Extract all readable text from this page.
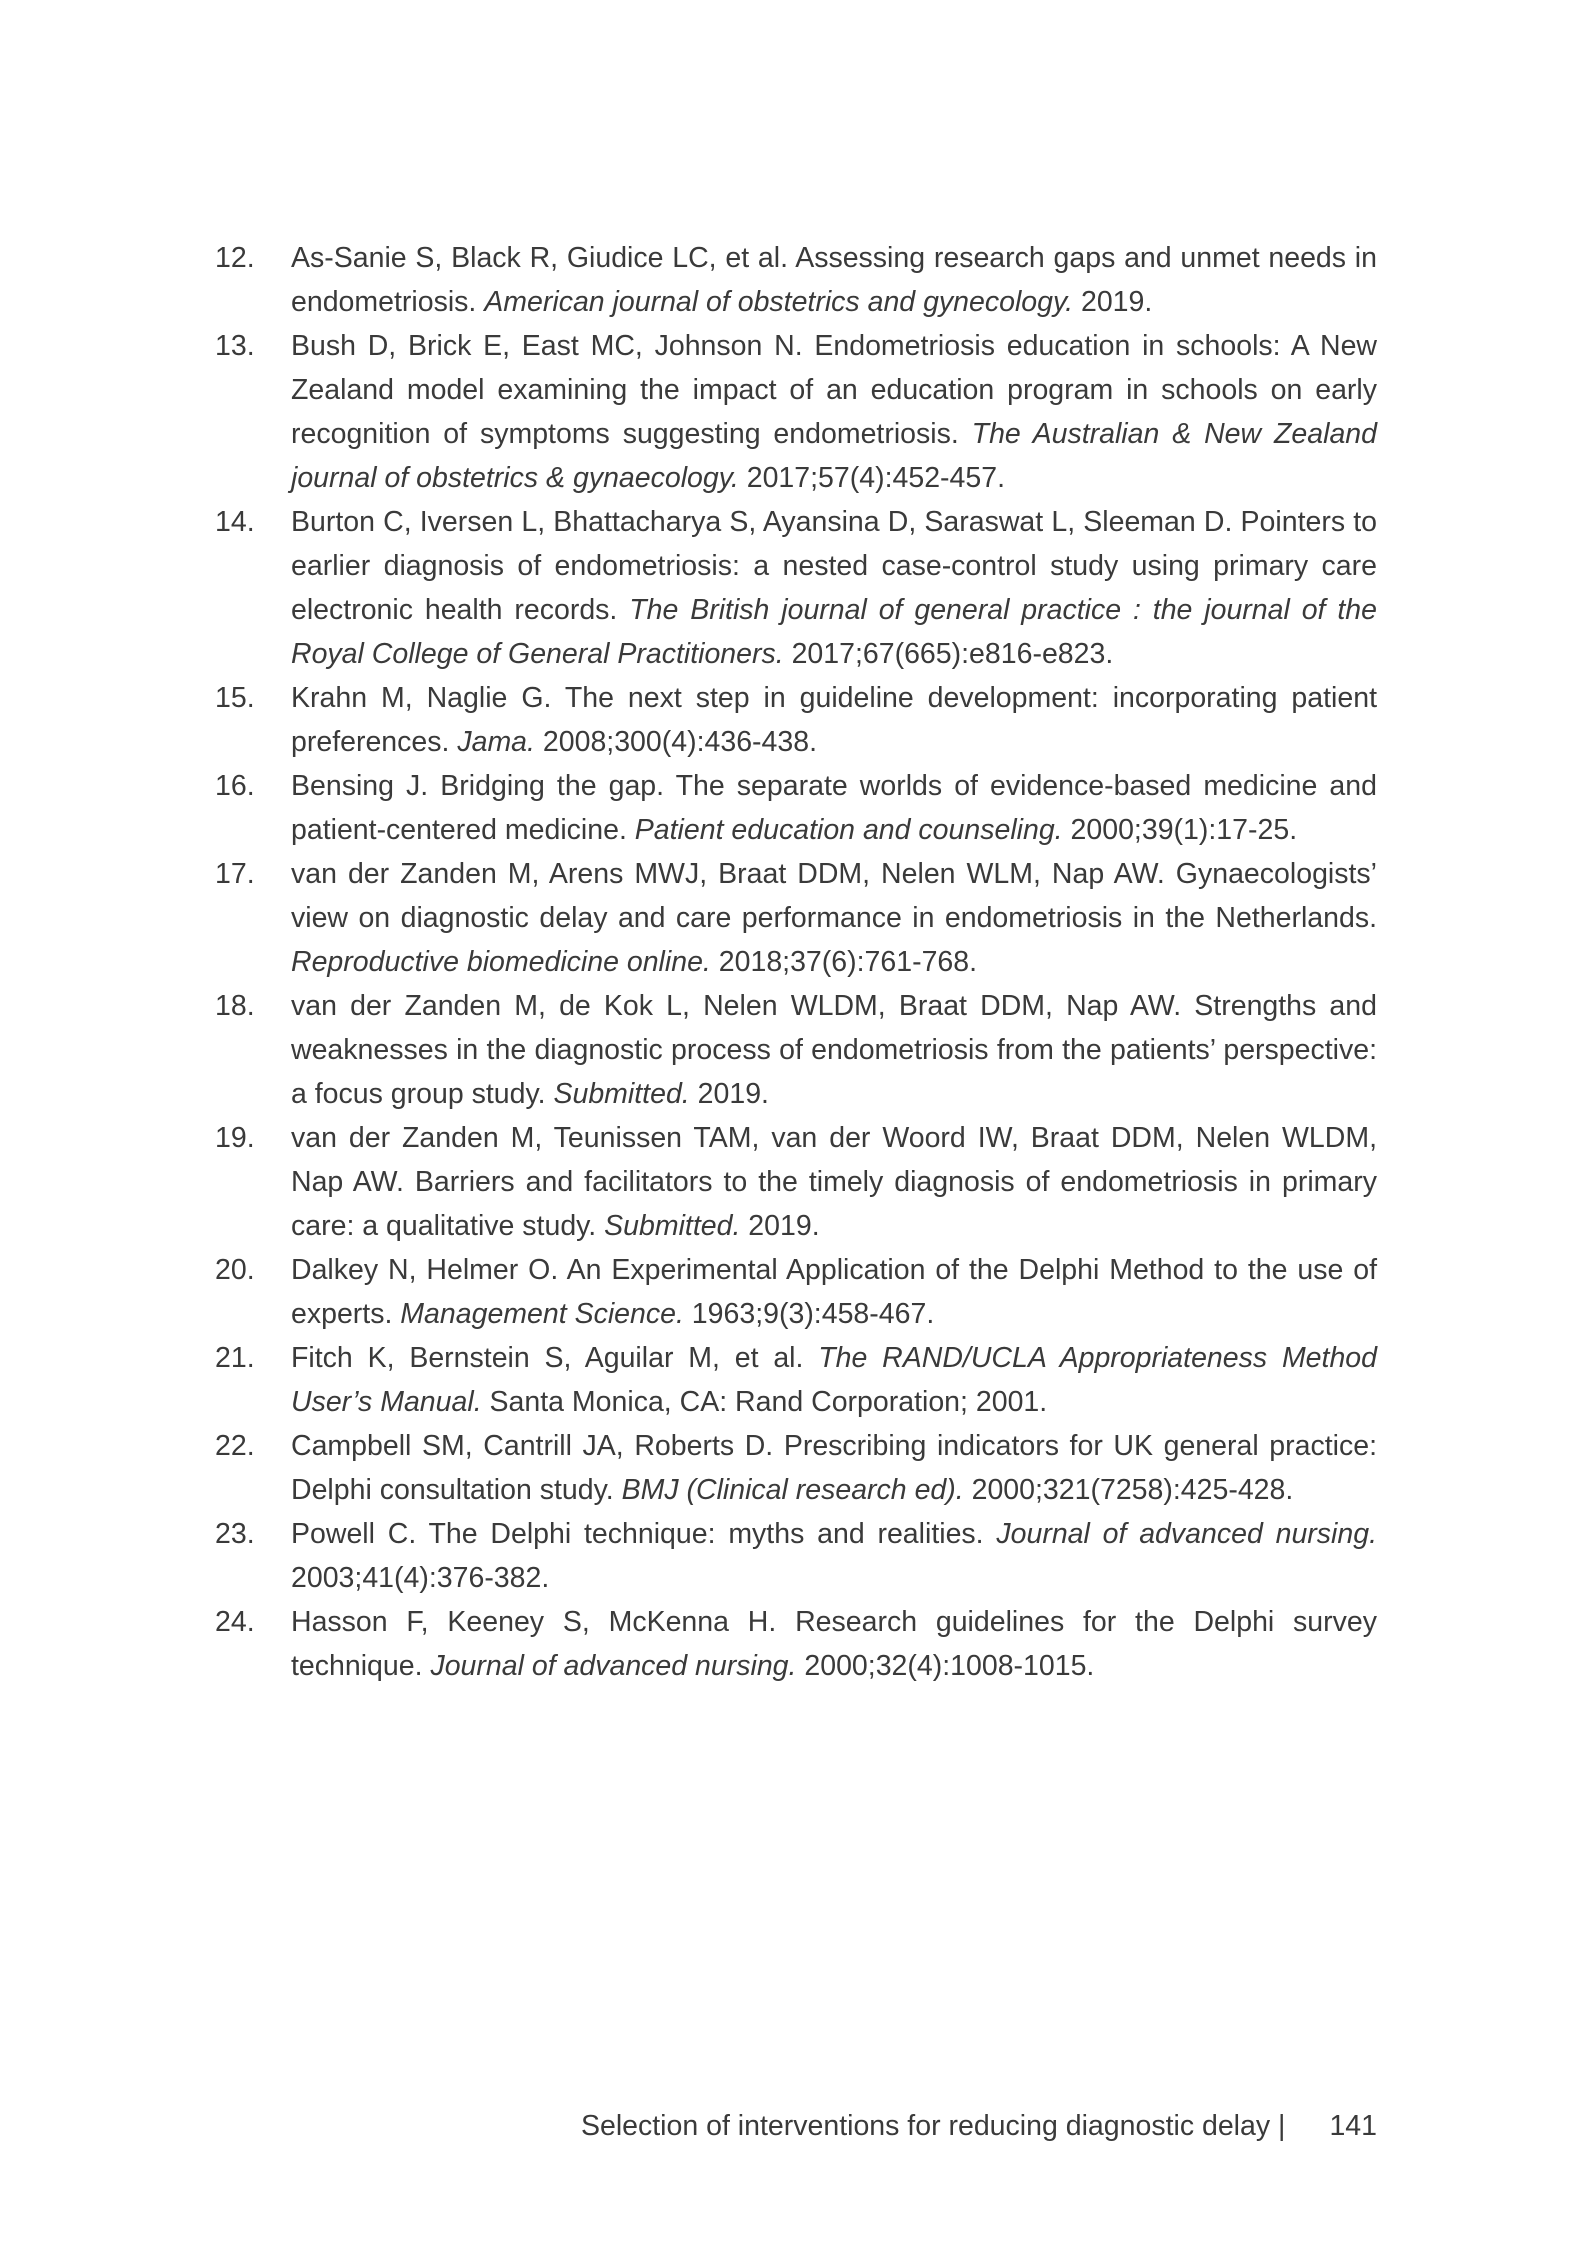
12.	As-Sanie S, Black R, Giudice LC, et al. Assessing research gaps and unmet needs in endometriosis. American journal of obstetrics and gynecology. 2019.
13.	Bush D, Brick E, East MC, Johnson N. Endometriosis education in schools: A New Zealand model examining the impact of an education program in schools on early recognition of symptoms suggesting endometriosis. The Australian & New Zealand journal of obstetrics & gynaecology. 2017;57(4):452-457.
14.	Burton C, Iversen L, Bhattacharya S, Ayansina D, Saraswat L, Sleeman D. Pointers to earlier diagnosis of endometriosis: a nested case-control study using primary care electronic health records. The British journal of general practice : the journal of the Royal College of General Practitioners. 2017;67(665):e816-e823.
15.	Krahn M, Naglie G. The next step in guideline development: incorporating patient preferences. Jama. 2008;300(4):436-438.
16.	Bensing J. Bridging the gap. The separate worlds of evidence-based medicine and patient-centered medicine. Patient education and counseling. 2000;39(1):17-25.
17.	van der Zanden M, Arens MWJ, Braat DDM, Nelen WLM, Nap AW. Gynaecologists’ view on diagnostic delay and care performance in endometriosis in the Netherlands. Reproductive biomedicine online. 2018;37(6):761-768.
18.	van der Zanden M, de Kok L, Nelen WLDM, Braat DDM, Nap AW. Strengths and weaknesses in the diagnostic process of endometriosis from the patients’ perspective: a focus group study. Submitted. 2019.
19.	van der Zanden M, Teunissen TAM, van der Woord IW, Braat DDM, Nelen WLDM, Nap AW. Barriers and facilitators to the timely diagnosis of endometriosis in primary care: a qualitative study. Submitted. 2019.
20.	Dalkey N, Helmer O. An Experimental Application of the Delphi Method to the use of experts. Management Science. 1963;9(3):458-467.
21.	Fitch K, Bernstein S, Aguilar M, et al. The RAND/UCLA Appropriateness Method User’s Manual. Santa Monica, CA: Rand Corporation; 2001.
22.	Campbell SM, Cantrill JA, Roberts D. Prescribing indicators for UK general practice: Delphi consultation study. BMJ (Clinical research ed). 2000;321(7258):425-428.
23.	Powell C. The Delphi technique: myths and realities. Journal of advanced nursing. 2003;41(4):376-382.
24.	Hasson F, Keeney S, McKenna H. Research guidelines for the Delphi survey technique. Journal of advanced nursing. 2000;32(4):1008-1015.
Selection of interventions for reducing diagnostic delay | 141
